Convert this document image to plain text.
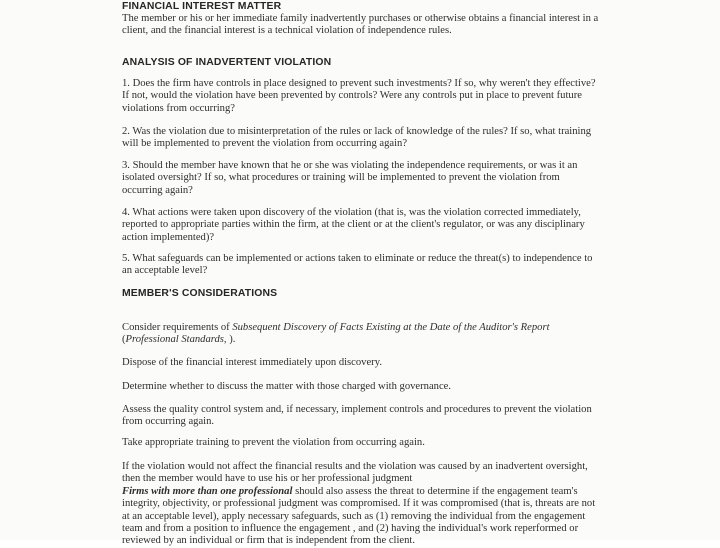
FINANCIAL INTEREST MATTER

The member or his or her immediate family inadvertently purchases or otherwise obtains a financial interest in a client, and the financial interest is a technical violation of independence rules.

ANALYSIS OF INADVERTENT VIOLATION

1. Does the firm have controls in place designed to prevent such investments? If so, why weren't they effective? If not, would the violation have been prevented by controls? Were any controls put in place to prevent future violations from occurring?

2. Was the violation due to misinterpretation of the rules or lack of knowledge of the rules? If so, what training will be implemented to prevent the violation from occurring again?

3. Should the member have known that he or she was violating the independence requirements, or was it an isolated oversight? If so, what procedures or training will be implemented to prevent the violation from occurring again?

4. What actions were taken upon discovery of the violation (that is, was the violation corrected immediately, reported to appropriate parties within the firm, at the client or at the client's regulator, or was any disciplinary action implemented)?

5. What safeguards can be implemented or actions taken to eliminate or reduce the threat(s) to independence to an acceptable level?

MEMBER'S CONSIDERATIONS

Consider requirements of Subsequent Discovery of Facts Existing at the Date of the Auditor's Report (Professional Standards, ).

Dispose of the financial interest immediately upon discovery.

Determine whether to discuss the matter with those charged with governance.

Assess the quality control system and, if necessary, implement controls and procedures to prevent the violation from occurring again.

Take appropriate training to prevent the violation from occurring again.

If the violation would not affect the financial results and the violation was caused by an inadvertent oversight, then the member would have to use his or her professional judgment
Firms with more than one professional should also assess the threat to determine if the engagement team's integrity, objectivity, or professional judgment was compromised. If it was compromised (that is, threats are not at an acceptable level), apply necessary safeguards, such as (1) removing the individual from the engagement team and from a position to influence the engagement , and (2) having the individual's work reperformed or reviewed by an individual or firm that is independent from the client.
